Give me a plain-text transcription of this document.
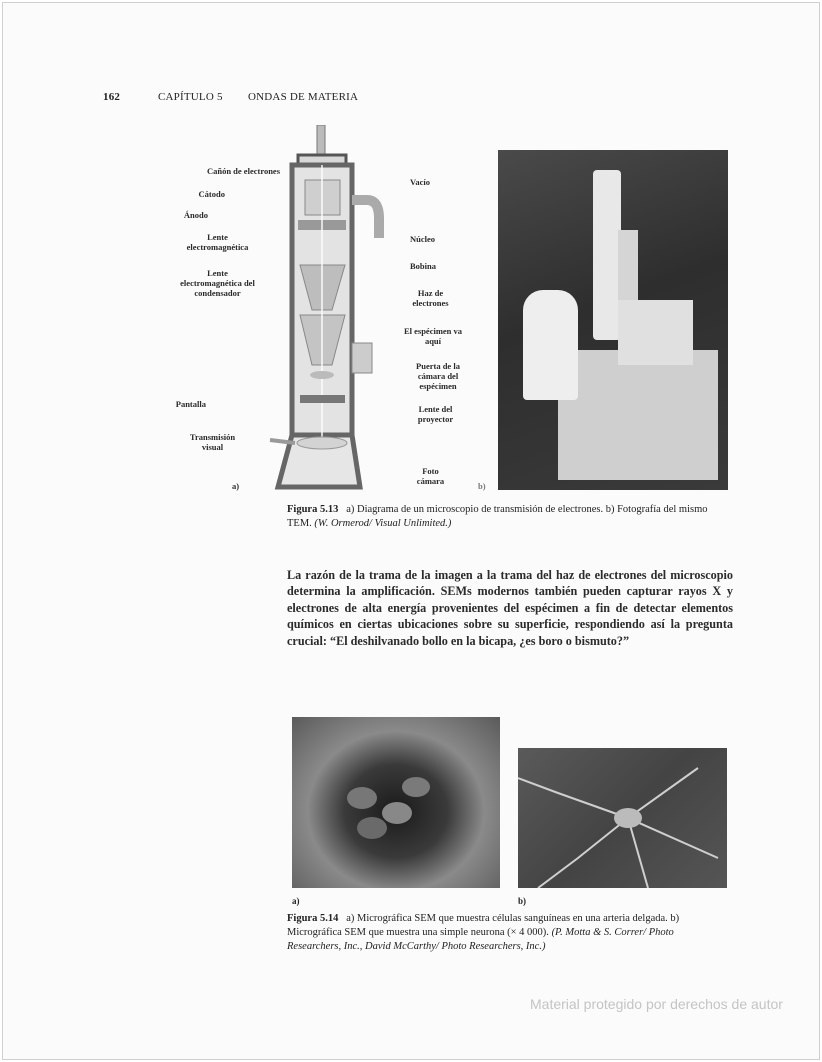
162	CAPÍTULO 5 ONDAS DE MATERIA
Cañón de electrones
Cátodo
Ánodo
Lente electromagnética
Lente electromagnética del condensador
Pantalla
Transmisión visual
a)
Vacío
Núcleo
Bobina
Haz de electrones
El espécimen va aquí
Puerta de la cámara del espécimen
Lente del proyector
Foto cámara	b)
Figura 5.13 a) Diagrama de un microscopio de transmisión de electrones. b) Fotografía del mismo TEM. (W. Ormerod/ Visual Unlimited.)
La razón de la trama de la imagen a la trama del haz de electrones del microscopio determina la amplificación. SEMs modernos también pueden capturar rayos X y electrones de alta energía provenientes del espécimen a fin de detectar elementos químicos en ciertas ubicaciones sobre su superficie, respondiendo así la pregunta crucial: “El deshilvanado bollo en la bicapa, ¿es boro o bismuto?”
a)	b)
Figura 5.14 a) Micrográfica SEM que muestra células sanguíneas en una arteria delgada. b) Micrográfica SEM que muestra una simple neurona (× 4 000). (P. Motta & S. Correr/ Photo Researchers, Inc., David McCarthy/ Photo Researchers, Inc.)
Material protegido por derechos de autor
